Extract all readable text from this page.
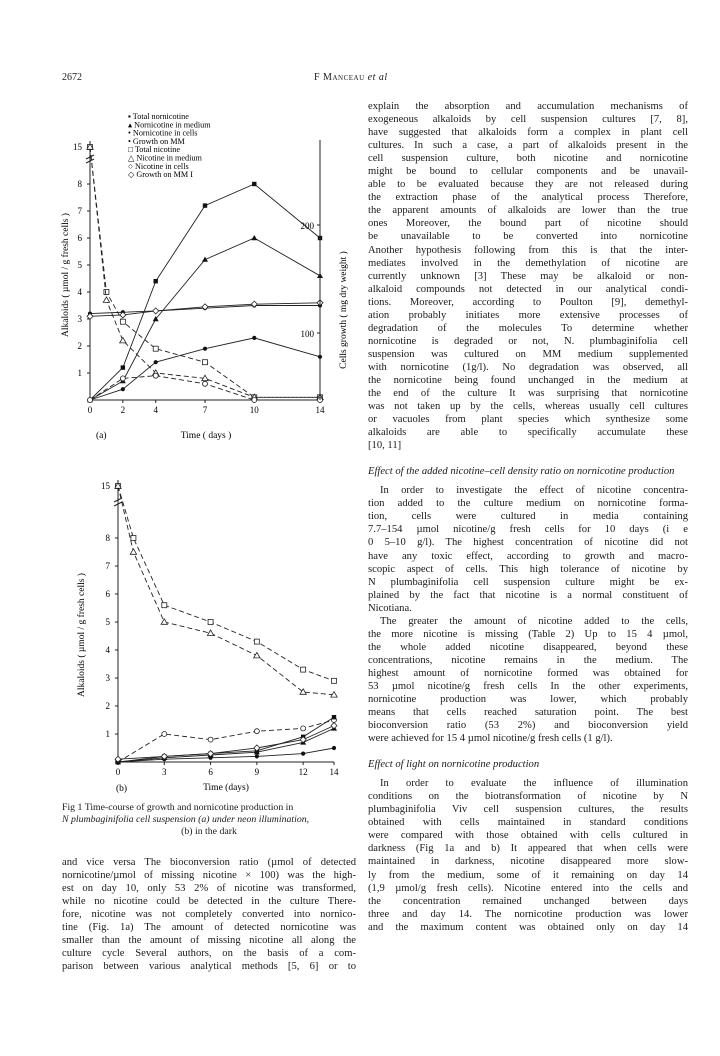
2672	F Manceau et al
1
2
3
4
5
6
7
8
15
0	2	4	7	10	14
100
200
▪ Total nornicotine
▴ Nornicotine in medium
• Nornicotine in cells
• Growth on MM
□ Total nicotine
△ Nicotine in medium
○ Nicotine in cells
◇ Growth on MM I
(a)	Time ( days )
Alkaloids ( µmol / g fresh cells )	Cells growth ( mg dry weight )
1
2
3
4
5
6
7
8
15
0	3	6	9	12 14
(b)	Time (days)
Alkaloids ( µmol / g fresh cells )
Fig 1 Time-course of growth and nornicotine production in
N plumbaginifolia cell suspension (a) under neon illumination,
(b) in the dark
and vice versa The bioconversion ratio (µmol of detected
nornicotine/µmol of missing nicotine × 100) was the high-
est on day 10, only 53 2% of nicotine was transformed,
while no nicotine could be detected in the culture There-
fore, nicotine was not completely converted into nornico-
tine (Fig. 1a) The amount of detected nornicotine was
smaller than the amount of missing nicotine all along the
culture cycle Several authors, on the basis of a com-
parison between various analytical methods [5, 6] or to
explain the absorption and accumulation mechanisms of
exogeneous alkaloids by cell suspension cultures [7, 8],
have suggested that alkaloids form a complex in plant cell
cultures. In such a case, a part of alkaloids present in the
cell suspension culture, both nicotine and nornicotine
might be bound to cellular components and be unavail-
able to be evaluated because they are not released during
the extraction phase of the analytical process Therefore,
the apparent amounts of alkaloids are lower than the true
ones Moreover, the bound part of nicotine should
be unavailable to be converted into nornicotine
Another hypothesis following from this is that the inter-
mediates involved in the demethylation of nicotine are
currently unknown [3] These may be alkaloid or non-
alkaloid compounds not detected in our analytical condi-
tions. Moreover, according to Poulton [9], demethyl-
ation probably initiates more extensive processes of
degradation of the molecules To determine whether
nornicotine is degraded or not, N. plumbaginifolia cell
suspension was cultured on MM medium supplemented
with nornicotine (1g/l). No degradation was observed, all
the nornicotine being found unchanged in the medium at
the end of the culture It was surprising that nornicotine
was not taken up by the cells, whereas usually cell cultures
or vacuoles from plant species which synthesize some
alkaloids are able to specifically accumulate these
[10, 11]
Effect of the added nicotine–cell density ratio on nornicotine production
In order to investigate the effect of nicotine concentra-
tion added to the culture medium on nornicotine forma-
tion, cells were cultured in media containing
7.7–154 µmol nicotine/g fresh cells for 10 days (i e
0 5–10 g/l). The highest concentration of nicotine did not
have any toxic effect, according to growth and macro-
scopic aspect of cells. This high tolerance of nicotine by
N plumbaginifolia cell suspension culture might be ex-
plained by the fact that nicotine is a normal constituent of
Nicotiana.
The greater the amount of nicotine added to the cells,
the more nicotine is missing (Table 2) Up to 15 4 µmol,
the whole added nicotine disappeared, beyond these
concentrations, nicotine remains in the medium. The
highest amount of nornicotine formed was obtained for
53 µmol nicotine/g fresh cells In the other experiments,
nornicotine production was lower, which probably
means that cells reached saturation point. The best
bioconversion ratio (53 2%) and bioconversion yield
were achieved for 15 4 µmol nicotine/g fresh cells (1 g/l).
Effect of light on nornicotine production
In order to evaluate the influence of illumination
conditions on the biotransformation of nicotine by N
plumbaginifolia Viv cell suspension cultures, the results
obtained with cells maintained in standard conditions
were compared with those obtained with cells cultured in
darkness (Fig 1a and b) It appeared that when cells were
maintained in darkness, nicotine disappeared more slow-
ly from the medium, some of it remaining on day 14
(1,9 µmol/g fresh cells). Nicotine entered into the cells and
the concentration remained unchanged between days
three and day 14. The nornicotine production was lower
and the maximum content was obtained only on day 14
